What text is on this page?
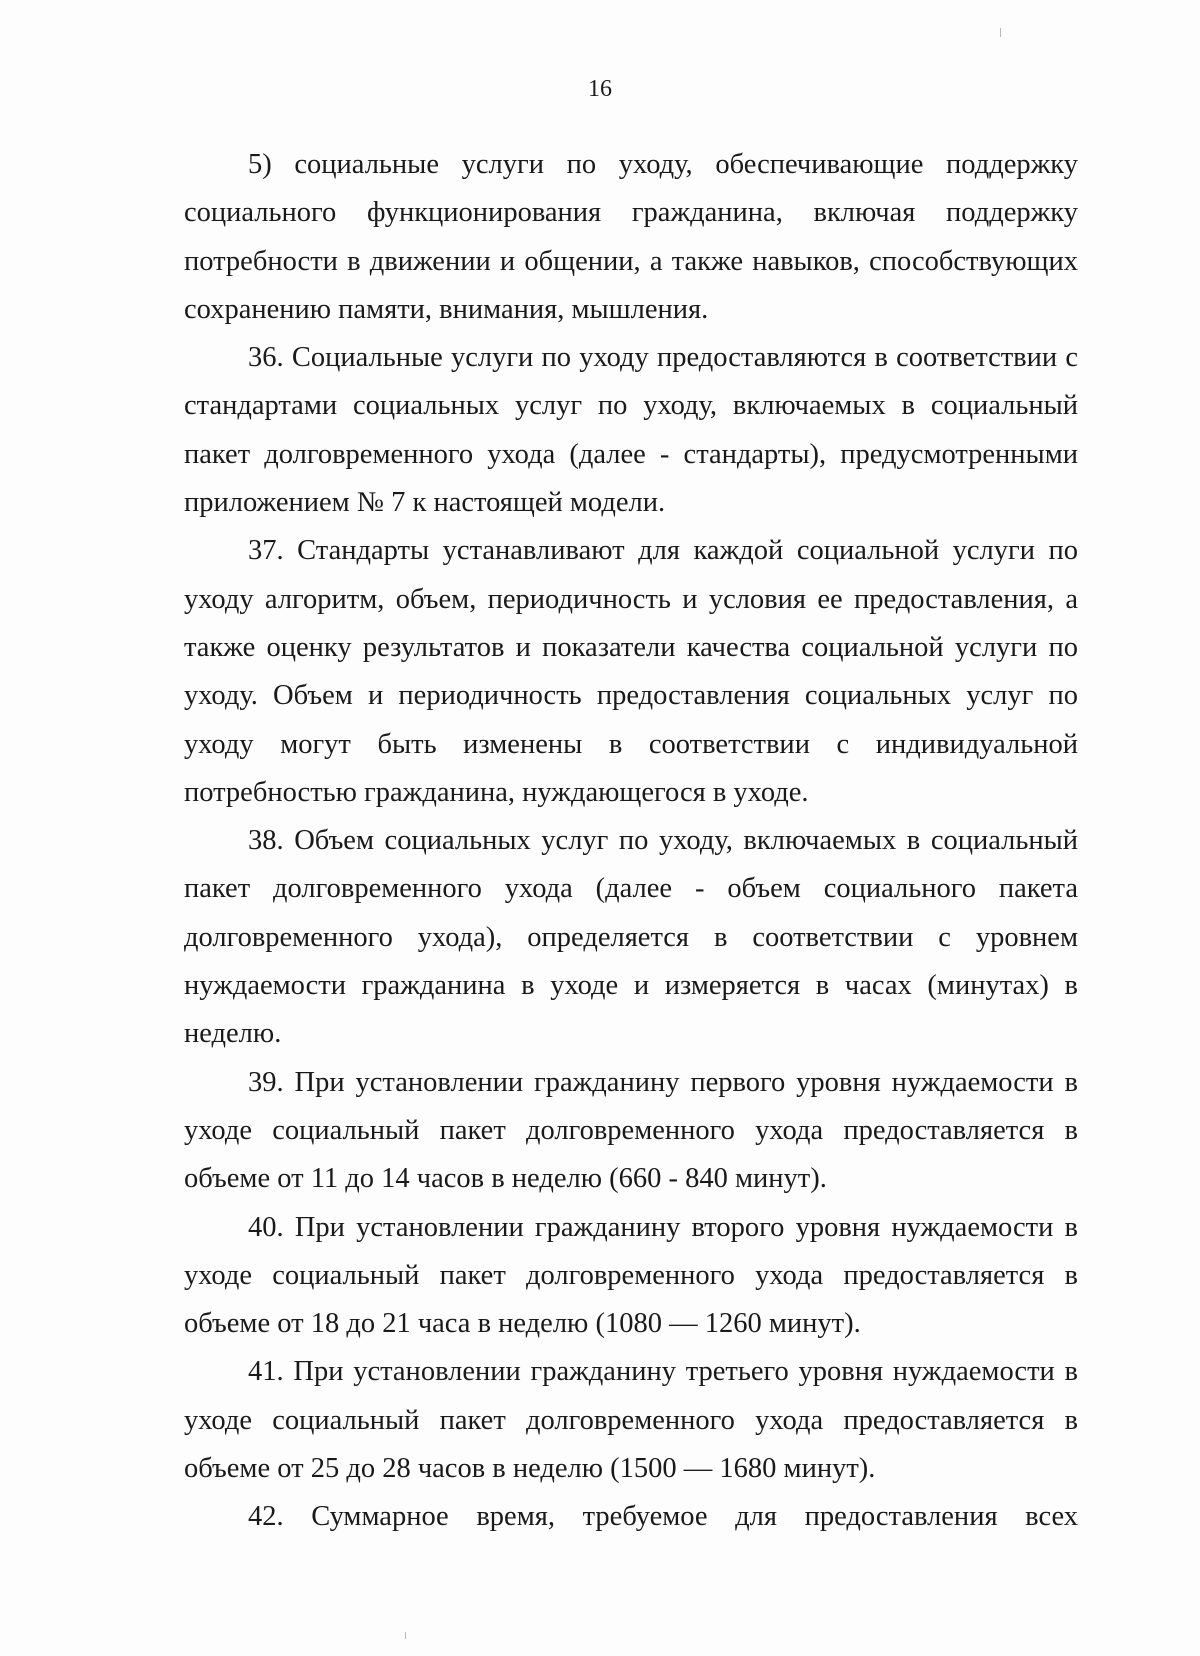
16

5) социальные услуги по уходу, обеспечивающие поддержку социального функционирования гражданина, включая поддержку потребности в движении и общении, а также навыков, способствующих сохранению памяти, внимания, мышления.

36. Социальные услуги по уходу предоставляются в соответствии с стандартами социальных услуг по уходу, включаемых в социальный пакет долговременного ухода (далее - стандарты), предусмотренными приложением № 7 к настоящей модели.

37. Стандарты устанавливают для каждой социальной услуги по уходу алгоритм, объем, периодичность и условия ее предоставления, а также оценку результатов и показатели качества социальной услуги по уходу. Объем и периодичность предоставления социальных услуг по уходу могут быть изменены в соответствии с индивидуальной потребностью гражданина, нуждающегося в уходе.

38. Объем социальных услуг по уходу, включаемых в социальный пакет долговременного ухода (далее - объем социального пакета долговременного ухода), определяется в соответствии с уровнем нуждаемости гражданина в уходе и измеряется в часах (минутах) в неделю.

39. При установлении гражданину первого уровня нуждаемости в уходе социальный пакет долговременного ухода предоставляется в объеме от 11 до 14 часов в неделю (660 - 840 минут).

40. При установлении гражданину второго уровня нуждаемости в уходе социальный пакет долговременного ухода предоставляется в объеме от 18 до 21 часа в неделю (1080 — 1260 минут).

41. При установлении гражданину третьего уровня нуждаемости в уходе социальный пакет долговременного ухода предоставляется в объеме от 25 до 28 часов в неделю (1500 — 1680 минут).

42. Суммарное время, требуемое для предоставления всех
